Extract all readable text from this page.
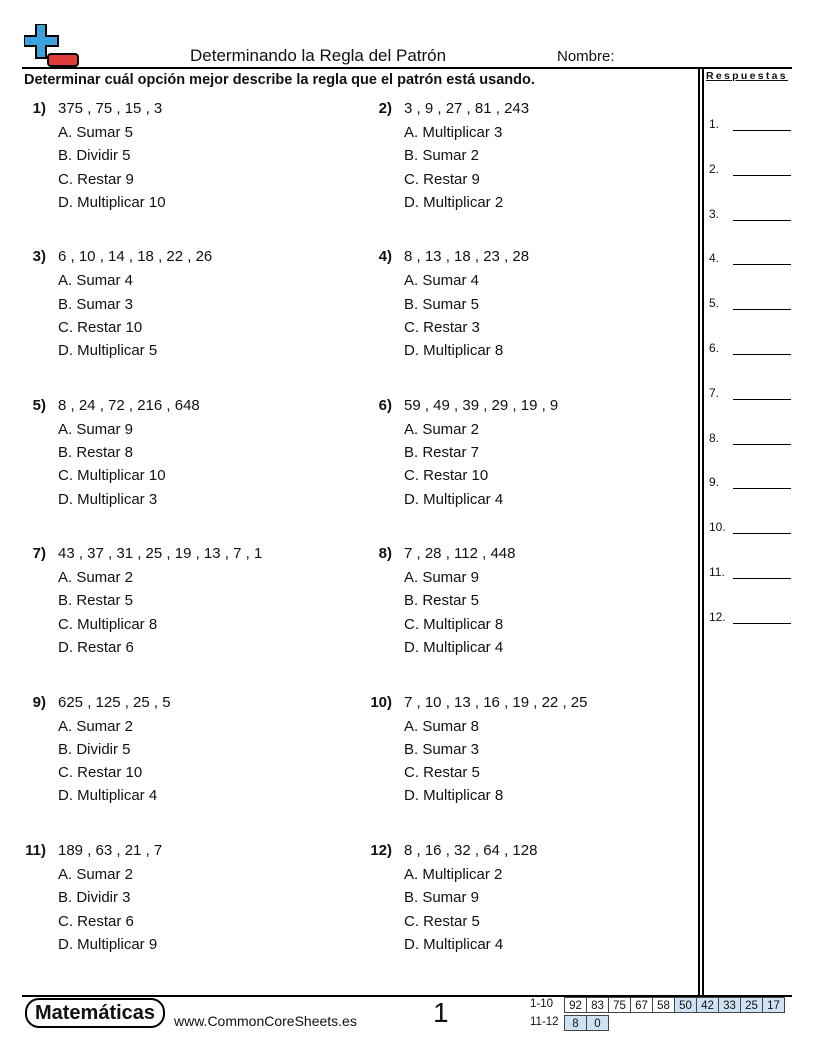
Determinando la Regla del Patrón	Nombre:
Determinar cuál opción mejor describe la regla que el patrón está usando.	Respuestas
1.
2.
3.
4.
5.
6.
7.
8.
9.
10.
11.
12.
1) 375 , 75 , 15 , 3
A. Sumar 5
B. Dividir 5
C. Restar 9
D. Multiplicar 10
2) 3 , 9 , 27 , 81 , 243
A. Multiplicar 3
B. Sumar 2
C. Restar 9
D. Multiplicar 2
3) 6 , 10 , 14 , 18 , 22 , 26
A. Sumar 4
B. Sumar 3
C. Restar 10
D. Multiplicar 5
4) 8 , 13 , 18 , 23 , 28
A. Sumar 4
B. Sumar 5
C. Restar 3
D. Multiplicar 8
5) 8 , 24 , 72 , 216 , 648
A. Sumar 9
B. Restar 8
C. Multiplicar 10
D. Multiplicar 3
6) 59 , 49 , 39 , 29 , 19 , 9
A. Sumar 2
B. Restar 7
C. Restar 10
D. Multiplicar 4
7) 43 , 37 , 31 , 25 , 19 , 13 , 7 , 1
A. Sumar 2
B. Restar 5
C. Multiplicar 8
D. Restar 6
8) 7 , 28 , 112 , 448
A. Sumar 9
B. Restar 5
C. Multiplicar 8
D. Multiplicar 4
9) 625 , 125 , 25 , 5
A. Sumar 2
B. Dividir 5
C. Restar 10
D. Multiplicar 4
10) 7 , 10 , 13 , 16 , 19 , 22 , 25
A. Sumar 8
B. Sumar 3
C. Restar 5
D. Multiplicar 8
11) 189 , 63 , 21 , 7
A. Sumar 2
B. Dividir 3
C. Restar 6
D. Multiplicar 9
12) 8 , 16 , 32 , 64 , 128
A. Multiplicar 2
B. Sumar 9
C. Restar 5
D. Multiplicar 4
Matemáticas	www.CommonCoreSheets.es	1	1-10	92 83 75 67 58 50 42 33 25 17
11-12	8	0
